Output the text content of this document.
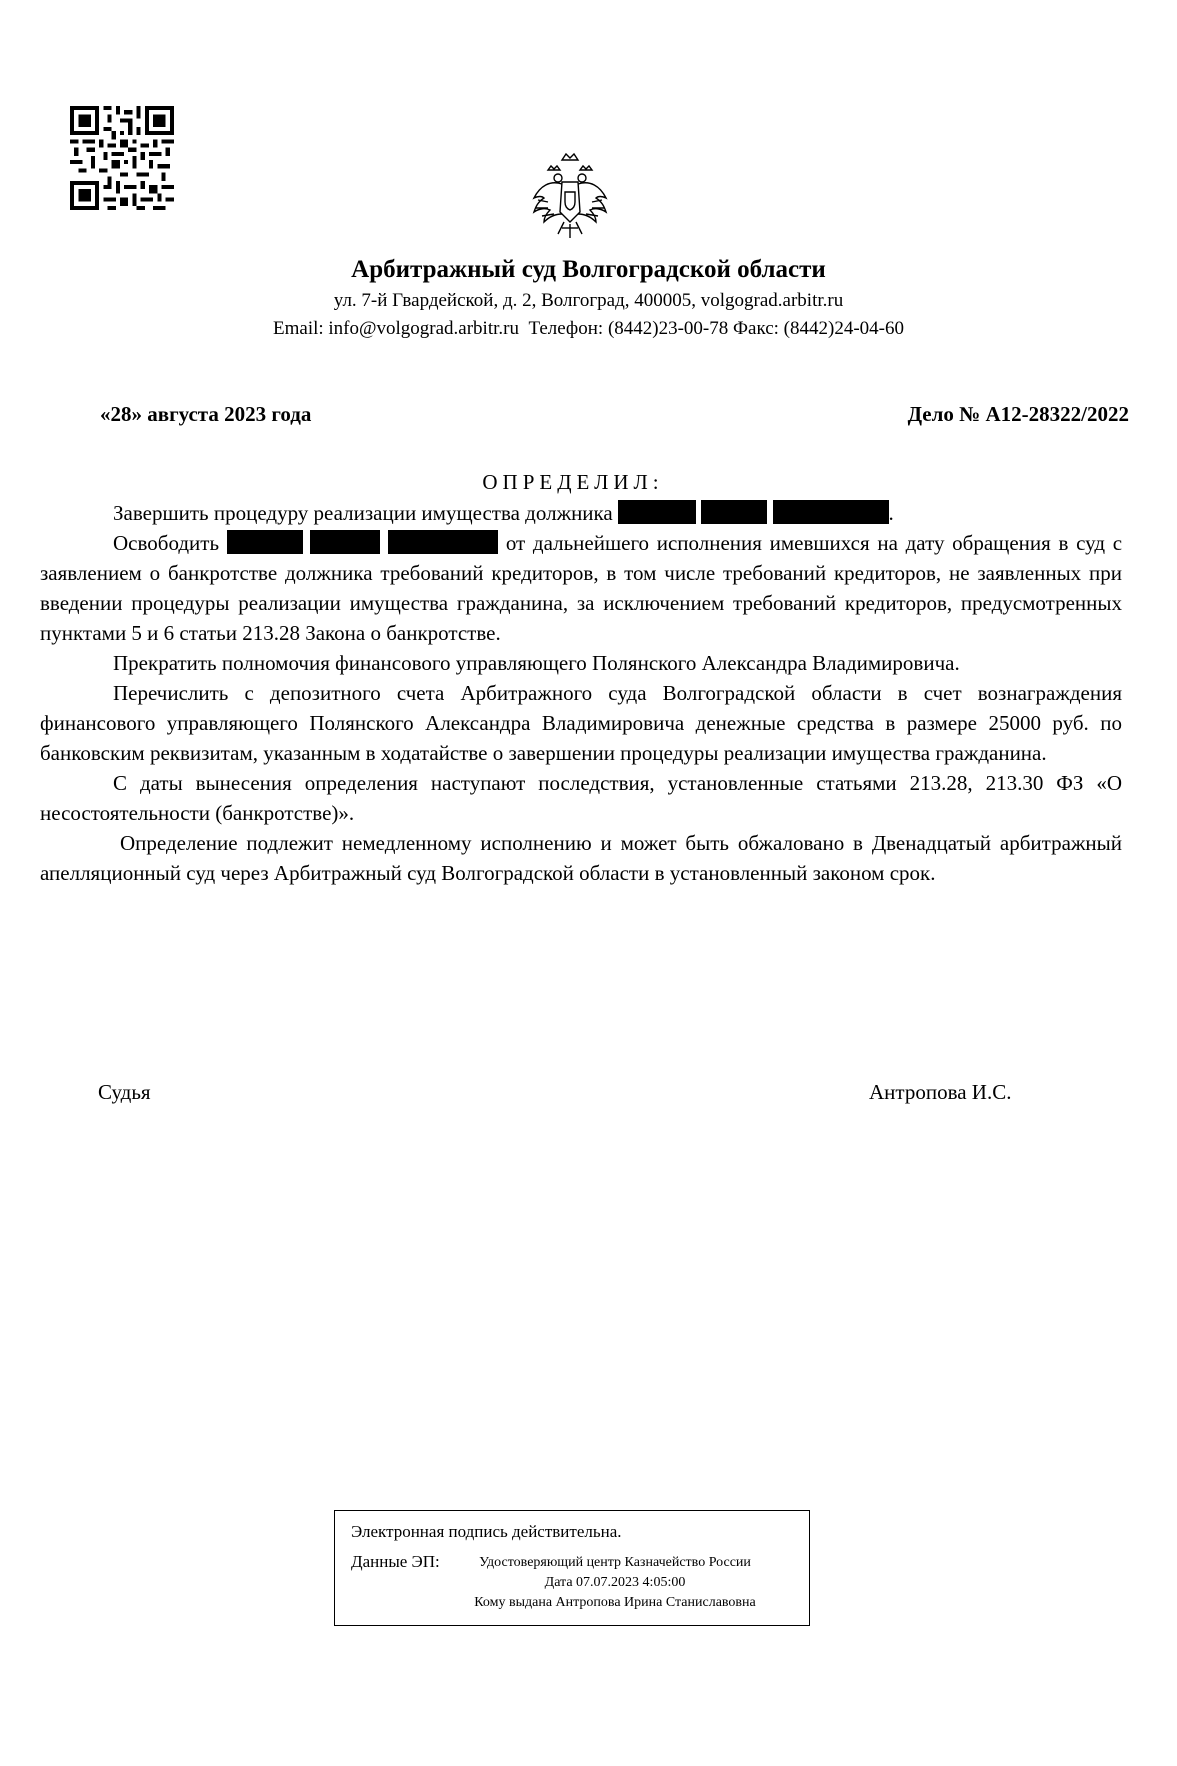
Арбитражный суд Волгоградской области
ул. 7-й Гвардейской, д. 2, Волгоград, 400005, volgograd.arbitr.ru
Email: info@volgograd.arbitr.ru  Телефон: (8442)23-00-78 Факс: (8442)24-04-60
«28» августа 2023 года	Дело № А12-28322/2022
ОПРЕДЕЛИЛ:

Завершить процедуру реализации имущества должника	.

Освободить	от дальнейшего исполнения имевшихся на дату обращения в суд с заявлением о банкротстве должника требований кредиторов, в том числе требований кредиторов, не заявленных при введении процедуры реализации имущества гражданина, за исключением требований кредиторов, предусмотренных пунктами 5 и 6 статьи 213.28 Закона о банкротстве.

Прекратить полномочия финансового управляющего Полянского Александра Владимировича.

Перечислить с депозитного счета Арбитражного суда Волгоградской области в счет вознаграждения финансового управляющего Полянского Александра Владимировича денежные средства в размере 25000 руб. по банковским реквизитам, указанным в ходатайстве о завершении процедуры реализации имущества гражданина.

С даты вынесения определения наступают последствия, установленные статьями 213.28, 213.30 ФЗ «О несостоятельности (банкротстве)».

Определение подлежит немедленному исполнению и может быть обжаловано в Двенадцатый арбитражный апелляционный суд через Арбитражный суд Волгоградской области в установленный законом срок.

Судья	Антропова И.С.
Электронная подпись действительна.
Данные ЭП:	Удостоверяющий центр Казначейство России
Дата 07.07.2023 4:05:00
Кому выдана Антропова Ирина Станиславовна
